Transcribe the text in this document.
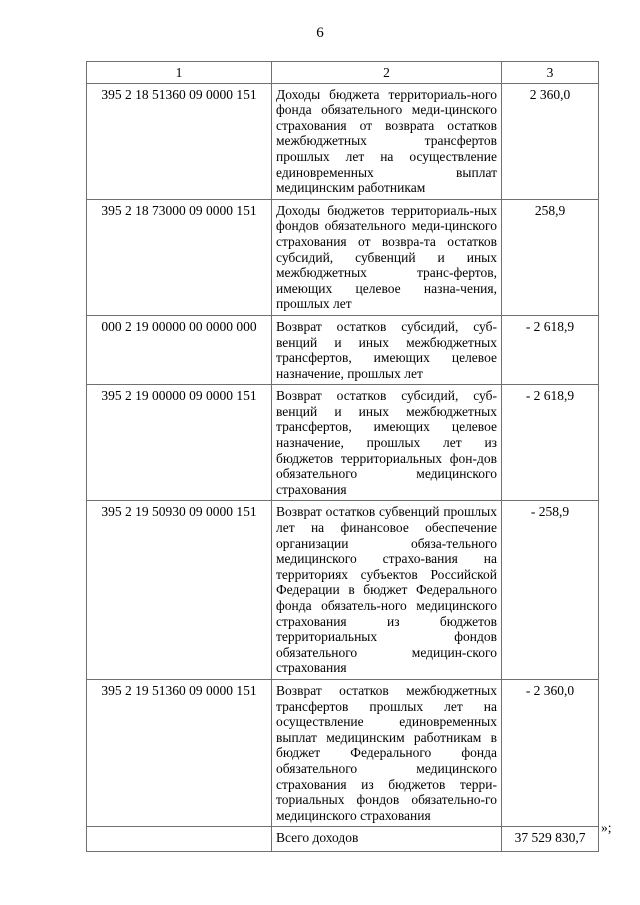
6
1	2	3
395 2 18 51360 09 0000 151	Доходы бюджета территориаль-ного фонда обязательного меди-цинского страхования от возврата остатков межбюджетных трансфертов прошлых лет на осуществление единовременных выплат медицинским работникам	2 360,0
395 2 18 73000 09 0000 151	Доходы бюджетов территориаль-ных фондов обязательного меди-цинского страхования от возвра-та остатков субсидий, субвенций и иных межбюджетных транс-фертов, имеющих целевое назна-чения, прошлых лет	258,9
000 2 19 00000 00 0000 000	Возврат остатков субсидий, суб-венций и иных межбюджетных трансфертов, имеющих целевое назначение, прошлых лет	- 2 618,9
395 2 19 00000 09 0000 151	Возврат остатков субсидий, суб-венций и иных межбюджетных трансфертов, имеющих целевое назначение, прошлых лет из бюджетов территориальных фон-дов обязательного медицинского страхования	- 2 618,9
395 2 19 50930 09 0000 151	Возврат остатков субвенций прошлых лет на финансовое обеспечение организации обяза-тельного медицинского страхо-вания на территориях субъектов Российской Федерации в бюджет Федерального фонда обязатель-ного медицинского страхования из бюджетов территориальных фондов обязательного медицин-ского страхования	- 258,9
395 2 19 51360 09 0000 151	Возврат остатков межбюджетных трансфертов прошлых лет на осуществление единовременных выплат медицинским работникам в бюджет Федерального фонда обязательного медицинского страхования из бюджетов терри-ториальных фондов обязательно-го медицинского страхования	- 2 360,0
	Всего доходов	37 529 830,7
»;
